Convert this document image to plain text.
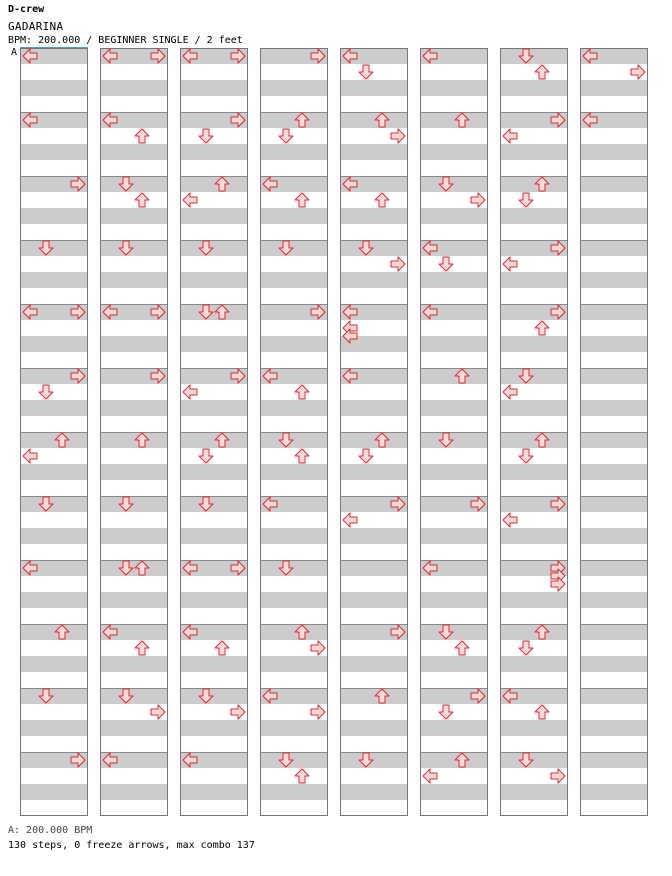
D-crew
GADARINA
BPM: 200.000 / BEGINNER SINGLE / 2 feet
A
A: 200.000 BPM
130 steps, 0 freeze arrows, max combo 137
